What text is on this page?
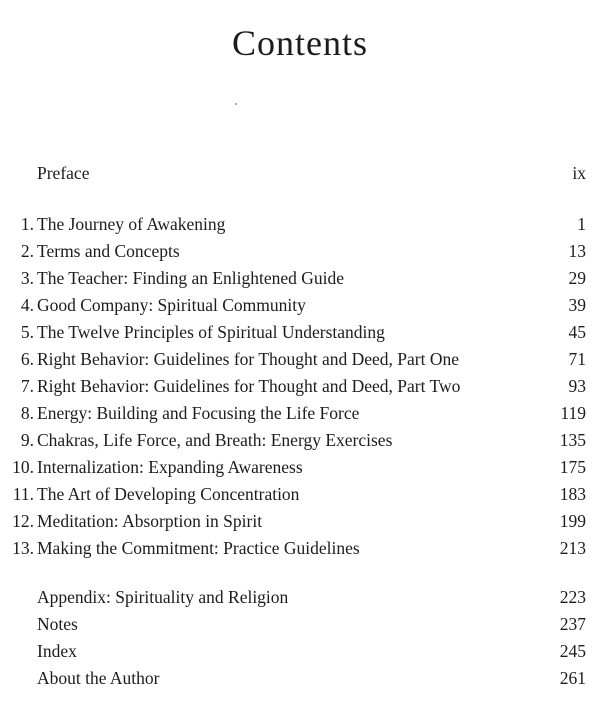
Contents
Preface	ix
1. The Journey of Awakening	1
2. Terms and Concepts	13
3. The Teacher: Finding an Enlightened Guide	29
4. Good Company: Spiritual Community	39
5. The Twelve Principles of Spiritual Understanding	45
6. Right Behavior: Guidelines for Thought and Deed, Part One	71
7. Right Behavior: Guidelines for Thought and Deed, Part Two	93
8. Energy: Building and Focusing the Life Force	119
9. Chakras, Life Force, and Breath: Energy Exercises	135
10. Internalization: Expanding Awareness	175
11. The Art of Developing Concentration	183
12. Meditation: Absorption in Spirit	199
13. Making the Commitment: Practice Guidelines	213
Appendix: Spirituality and Religion	223
Notes	237
Index	245
About the Author	261
